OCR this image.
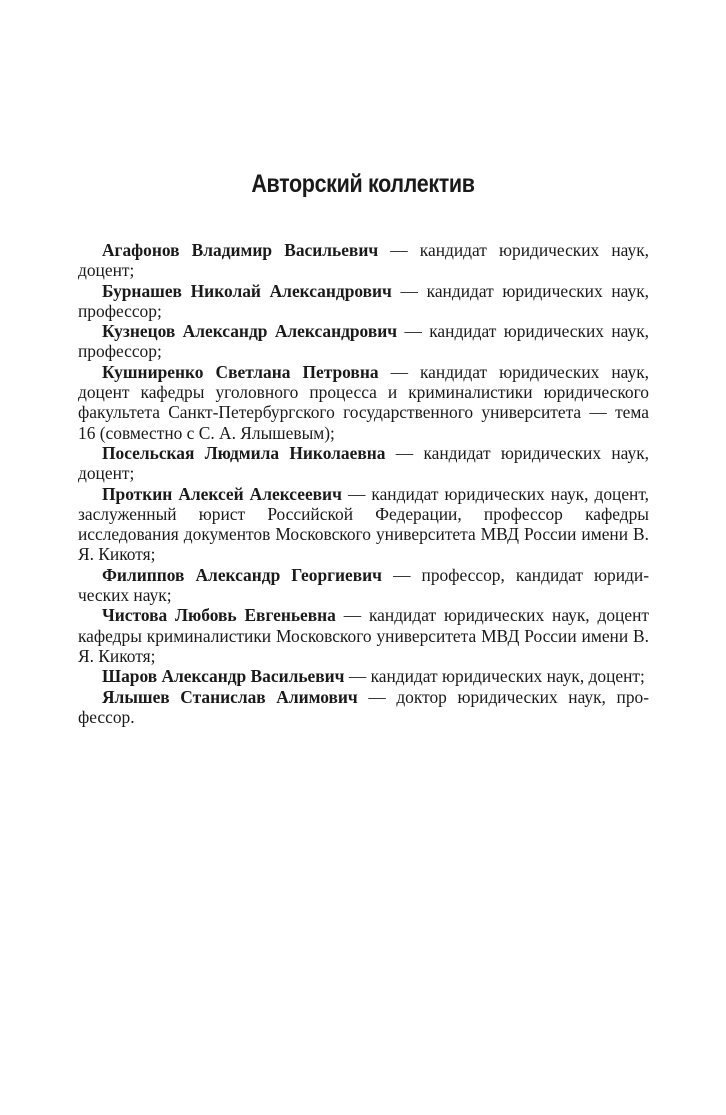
Авторский коллектив

Агафонов Владимир Васильевич — кандидат юридических наук, доцент;

Бурнашев Николай Александрович — кандидат юридических наук, профессор;

Кузнецов Александр Александрович — кандидат юридических наук, профессор;

Кушниренко Светлана Петровна — кандидат юридических наук, доцент кафедры уголовного процесса и криминалистики юридического факультета Санкт-Петербургского государственного университета — тема 16 (совместно с С. А. Ялышевым);

Посельская Людмила Николаевна — кандидат юридических наук, доцент;

Проткин Алексей Алексеевич — кандидат юридических наук, доцент, заслуженный юрист Российской Федерации, профессор кафедры исследования документов Московского университета МВД России имени В. Я. Кикотя;

Филиппов Александр Георгиевич — профессор, кандидат юридических наук;

Чистова Любовь Евгеньевна — кандидат юридических наук, доцент кафедры криминалистики Московского университета МВД России имени В. Я. Кикотя;

Шаров Александр Васильевич — кандидат юридических наук, доцент;

Ялышев Станислав Алимович — доктор юридических наук, профессор.
